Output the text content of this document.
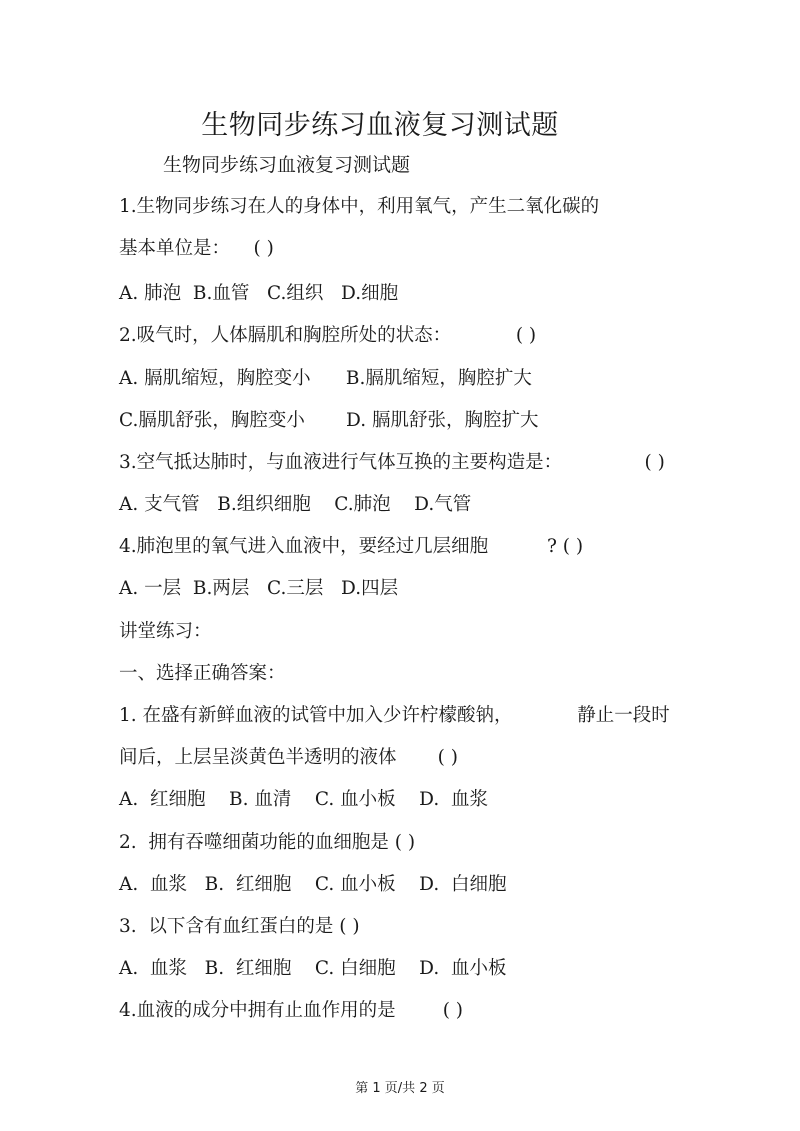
生物同步练习血液复习测试题
生物同步练习血液复习测试题
1.生物同步练习在人的身体中，利用氧气，产生二氧化碳的
基本单位是：    ( )
A. 肺泡  B.血管   C.组织   D.细胞
2.吸气时，人体膈肌和胸腔所处的状态：           ( )
A. 膈肌缩短，胸腔变小      B.膈肌缩短，胸腔扩大
C.膈肌舒张，胸腔变小       D. 膈肌舒张，胸腔扩大
3.空气抵达肺时，与血液进行气体互换的主要构造是：              ( )
A. 支气管   B.组织细胞    C.肺泡    D.气管
4.肺泡里的氧气进入血液中，要经过几层细胞          ? ( )
A. 一层  B.两层   C.三层   D.四层
讲堂练习：
一、选择正确答案：
1. 在盛有新鲜血液的试管中加入少许柠檬酸钠，           静止一段时
间后，上层呈淡黄色半透明的液体       ( )
A.  红细胞    B. 血清    C. 血小板    D.  血浆
2.  拥有吞噬细菌功能的血细胞是 ( )
A.  血浆   B.  红细胞    C. 血小板    D.  白细胞
3.  以下含有血红蛋白的是 ( )
A.  血浆   B.  红细胞    C. 白细胞    D.  血小板
4.血液的成分中拥有止血作用的是        ( )
第 1 页/共 2 页
